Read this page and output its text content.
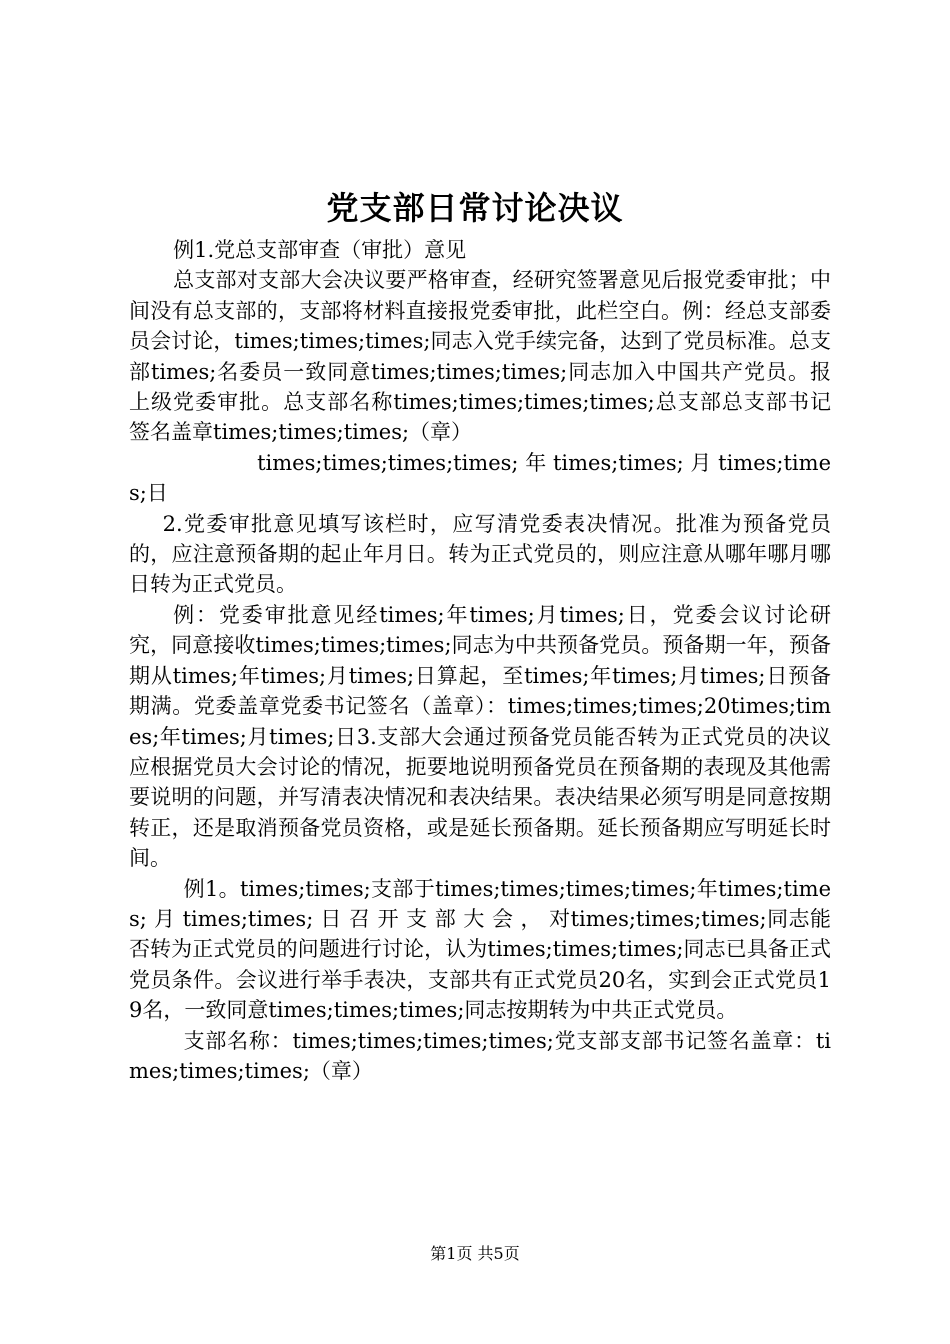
党支部日常讨论决议

例1.党总支部审查（审批）意见

总支部对支部大会决议要严格审查，经研究签署意见后报党委审批；中间没有总支部的，支部将材料直接报党委审批，此栏空白。例：经总支部委员会讨论，times;times;times;同志入党手续完备，达到了党员标准。总支部times;名委员一致同意times;times;times;同志加入中国共产党员。报上级党委审批。总支部名称times;times;times;times;总支部总支部书记签名盖章times;times;times;（章）

times;times;times;times; 年 times;times; 月 times;times;日

2.党委审批意见填写该栏时，应写清党委表决情况。批准为预备党员的，应注意预备期的起止年月日。转为正式党员的，则应注意从哪年哪月哪日转为正式党员。

例：党委审批意见经times;年times;月times;日，党委会议讨论研究，同意接收times;times;times;同志为中共预备党员。预备期一年，预备期从times;年times;月times;日算起，至times;年times;月times;日预备期满。党委盖章党委书记签名（盖章）：times;times;times;20times;times;年times;月times;日3.支部大会通过预备党员能否转为正式党员的决议应根据党员大会讨论的情况，扼要地说明预备党员在预备期的表现及其他需要说明的问题，并写清表决情况和表决结果。表决结果必须写明是同意按期转正，还是取消预备党员资格，或是延长预备期。延长预备期应写明延长时间。

例1。times;times;支部于times;times;times;times;年times;times; 月 times;times; 日 召 开 支 部 大 会 ， 对times;times;times;同志能否转为正式党员的问题进行讨论，认为times;times;times;同志已具备正式党员条件。会议进行举手表决，支部共有正式党员20名，实到会正式党员19名，一致同意times;times;times;同志按期转为中共正式党员。

支部名称：times;times;times;times;党支部支部书记签名盖章：times;times;times;（章）

第1页 共5页
